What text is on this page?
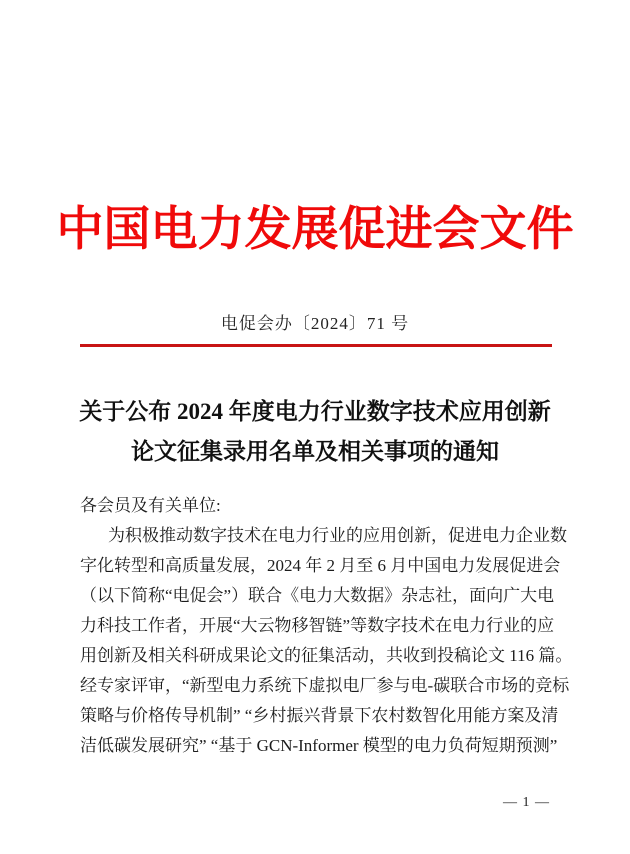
中国电力发展促进会文件
电促会办〔2024〕71 号
关于公布 2024 年度电力行业数字技术应用创新
论文征集录用名单及相关事项的通知
各会员及有关单位:
为积极推动数字技术在电力行业的应用创新，促进电力企业数
字化转型和高质量发展，2024 年 2 月至 6 月中国电力发展促进会
（以下简称“电促会”）联合《电力大数据》杂志社，面向广大电
力科技工作者，开展“大云物移智链”等数字技术在电力行业的应
用创新及相关科研成果论文的征集活动，共收到投稿论文 116 篇。
经专家评审，“新型电力系统下虚拟电厂参与电-碳联合市场的竞标
策略与价格传导机制” “乡村振兴背景下农村数智化用能方案及清
洁低碳发展研究” “基于 GCN-Informer 模型的电力负荷短期预测”
— 1 —
